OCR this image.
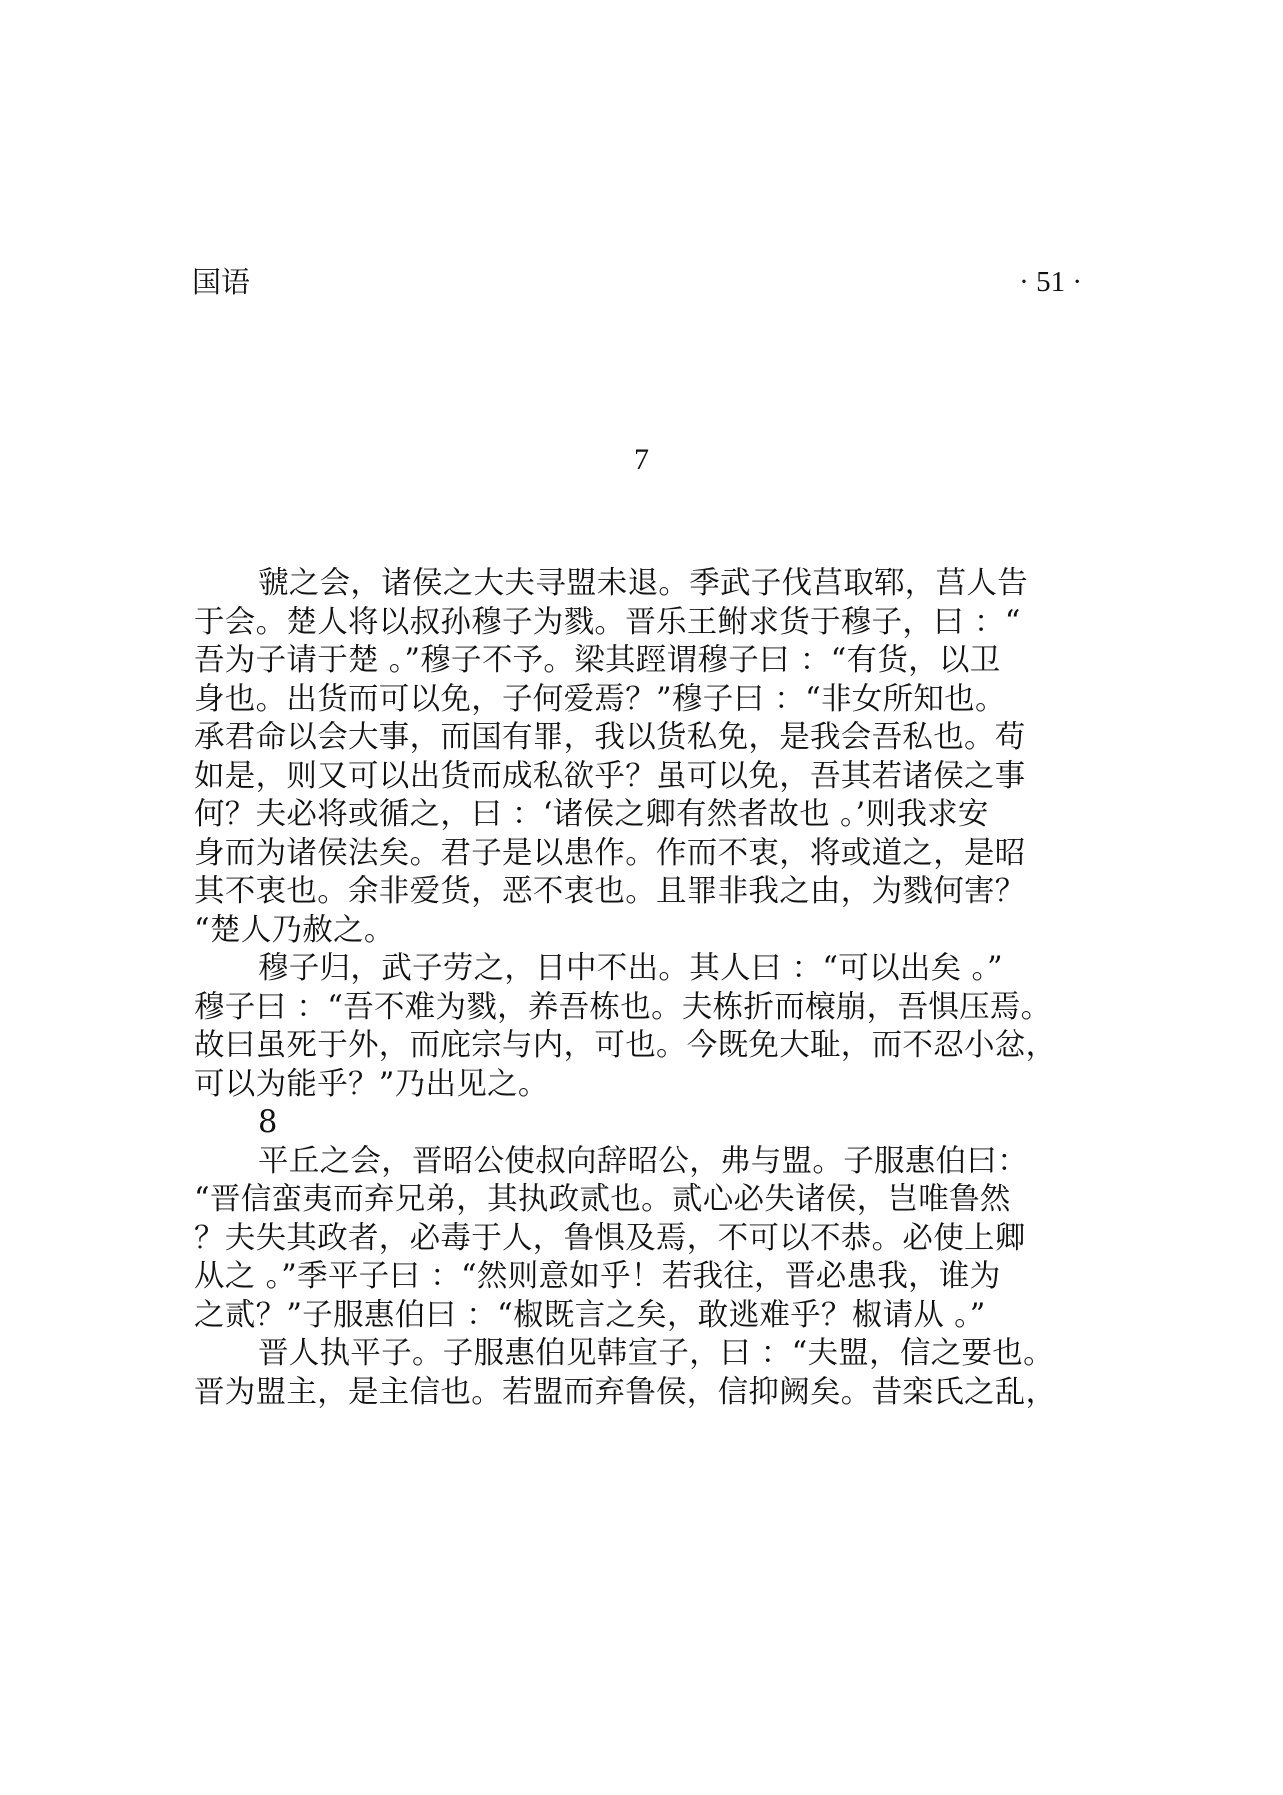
国语	· 51 ·
7
虢之会，诸侯之大夫寻盟未退。季武子伐莒取郓，莒人告
于会。楚人将以叔孙穆子为戮。晋乐王鲋求货于穆子，曰 ：“
吾为子请于楚 。”穆子不予。梁其踁谓穆子曰 ：“有货，以卫
身也。出货而可以免，子何爱焉？”穆子曰 ：“非女所知也。
承君命以会大事，而国有罪，我以货私免，是我会吾私也。苟
如是，则又可以出货而成私欲乎？虽可以免，吾其若诸侯之事
何？夫必将或循之，曰 ：‘诸侯之卿有然者故也 。’则我求安
身而为诸侯法矣。君子是以患作。作而不衷，将或道之，是昭
其不衷也。余非爱货，恶不衷也。且罪非我之由，为戮何害？
“楚人乃赦之。
穆子归，武子劳之，日中不出。其人曰 ：“可以出矣 。”
穆子曰 ：“吾不难为戮，养吾栋也。夫栋折而榱崩，吾惧压焉。
故曰虽死于外，而庇宗与内，可也。今既免大耻，而不忍小忿，
可以为能乎？”乃出见之。
8
平丘之会，晋昭公使叔向辞昭公，弗与盟。子服惠伯曰：
“晋信蛮夷而弃兄弟，其执政贰也。贰心必失诸侯，岂唯鲁然
？夫失其政者，必毒于人，鲁惧及焉，不可以不恭。必使上卿
从之 。”季平子曰 ：“然则意如乎！若我往，晋必患我，谁为
之贰？”子服惠伯曰 ：“椒既言之矣，敢逃难乎？椒请从 。”
晋人执平子。子服惠伯见韩宣子，曰 ：“夫盟，信之要也。
晋为盟主，是主信也。若盟而弃鲁侯，信抑阙矣。昔栾氏之乱，
